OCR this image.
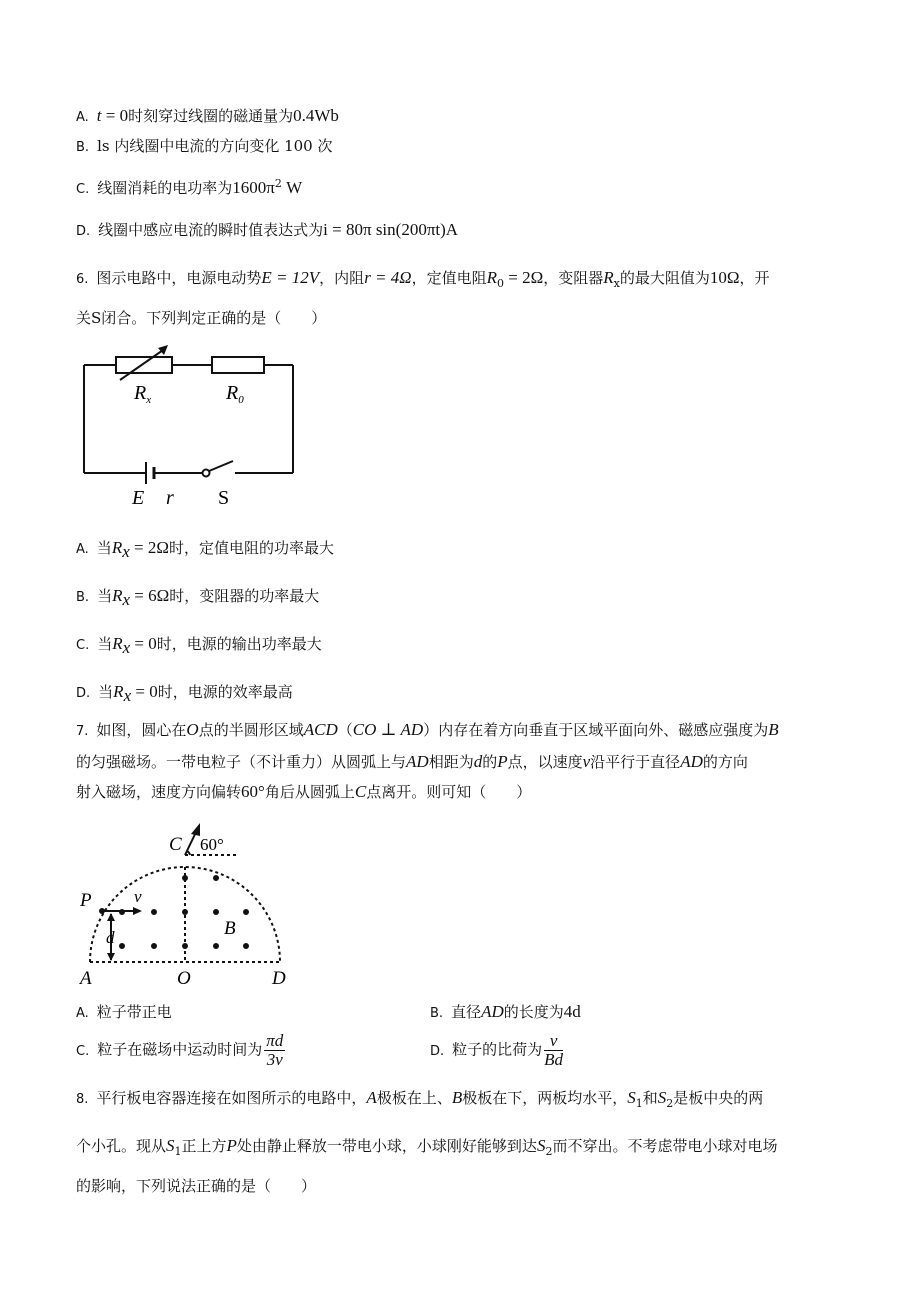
A. t = 0时刻穿过线圈的磁通量为0.4Wb
B. ls 内线圈中电流的方向变化 100 次
C. 线圈消耗的电功率为$1600\pi^2$ W
D. 线圈中感应电流的瞬时值表达式为i = 80π sin(200πt)A
6. 图示电路中，电源电动势E = 12V，内阻r = 4Ω，定值电阻$R_0 = 2\Omega$，变阻器$R_x$的最大阻值为10Ω，开
关S闭合。下列判定正确的是（　　）
$R_x$	$R_0$
E r S
A. 当$R_x = 2\Omega$时，定值电阻的功率最大
B. 当$R_x = 6\Omega$时，变阻器的功率最大
C. 当$R_x = 0$时，电源的输出功率最大
D. 当$R_x = 0$时，电源的效率最高
7. 如图，圆心在O点的半圆形区域ACD（CO ⊥ AD）内存在着方向垂直于区域平面向外、磁感应强度为B
的匀强磁场。一带电粒子（不计重力）从圆弧上与AD相距为d的P点，以速度v沿平行于直径AD的方向
射入磁场，速度方向偏转60°角后从圆弧上C点离开。则可知（　　）
C 60°
P v
d	B
A	O	D
A. 粒子带正电	B. 直径AD的长度为4d
C. 粒子在磁场中运动时间为 $\frac{\pi d}{3v}$	D. 粒子的比荷为 $\frac{v}{Bd}$
8. 平行板电容器连接在如图所示的电路中，A极板在上、B极板在下，两板均水平，$S_1$和$S_2$是板中央的两
个小孔。现从$S_1$正上方P处由静止释放一带电小球，小球刚好能够到达$S_2$而不穿出。不考虑带电小球对电场
的影响，下列说法正确的是（　　）
